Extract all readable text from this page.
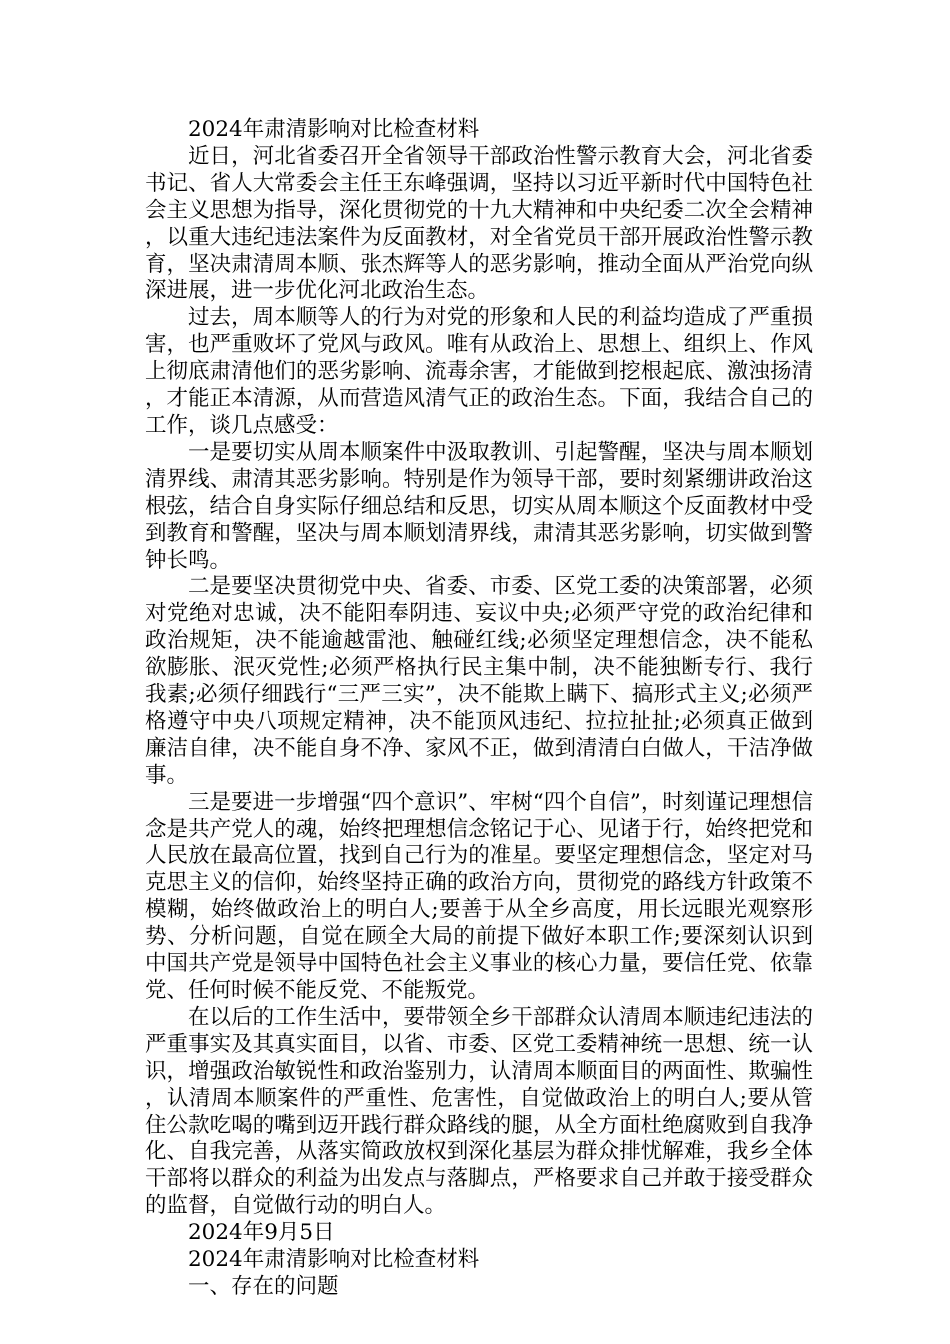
2024年肃清影响对比检查材料

近日，河北省委召开全省领导干部政治性警示教育大会，河北省委书记、省人大常委会主任王东峰强调，坚持以习近平新时代中国特色社会主义思想为指导，深化贯彻党的十九大精神和中央纪委二次全会精神，以重大违纪违法案件为反面教材，对全省党员干部开展政治性警示教育，坚决肃清周本顺、张杰辉等人的恶劣影响，推动全面从严治党向纵深进展，进一步优化河北政治生态。

过去，周本顺等人的行为对党的形象和人民的利益均造成了严重损害，也严重败坏了党风与政风。唯有从政治上、思想上、组织上、作风上彻底肃清他们的恶劣影响、流毒余害，才能做到挖根起底、激浊扬清，才能正本清源，从而营造风清气正的政治生态。下面，我结合自己的工作，谈几点感受：

一是要切实从周本顺案件中汲取教训、引起警醒，坚决与周本顺划清界线、肃清其恶劣影响。特别是作为领导干部，要时刻紧绷讲政治这根弦，结合自身实际仔细总结和反思，切实从周本顺这个反面教材中受到教育和警醒，坚决与周本顺划清界线，肃清其恶劣影响，切实做到警钟长鸣。

二是要坚决贯彻党中央、省委、市委、区党工委的决策部署，必须对党绝对忠诚，决不能阳奉阴违、妄议中央;必须严守党的政治纪律和政治规矩，决不能逾越雷池、触碰红线;必须坚定理想信念，决不能私欲膨胀、泯灭党性;必须严格执行民主集中制，决不能独断专行、我行我素;必须仔细践行“三严三实”，决不能欺上瞒下、搞形式主义;必须严格遵守中央八项规定精神，决不能顶风违纪、拉拉扯扯;必须真正做到廉洁自律，决不能自身不净、家风不正，做到清清白白做人，干洁净做事。

三是要进一步增强“四个意识”、牢树“四个自信”，时刻谨记理想信念是共产党人的魂，始终把理想信念铭记于心、见诸于行，始终把党和人民放在最高位置，找到自己行为的准星。要坚定理想信念，坚定对马克思主义的信仰，始终坚持正确的政治方向，贯彻党的路线方针政策不模糊，始终做政治上的明白人;要善于从全乡高度，用长远眼光观察形势、分析问题，自觉在顾全大局的前提下做好本职工作;要深刻认识到中国共产党是领导中国特色社会主义事业的核心力量，要信任党、依靠党、任何时候不能反党、不能叛党。

在以后的工作生活中，要带领全乡干部群众认清周本顺违纪违法的严重事实及其真实面目，以省、市委、区党工委精神统一思想、统一认识，增强政治敏锐性和政治鉴别力，认清周本顺面目的两面性、欺骗性，认清周本顺案件的严重性、危害性，自觉做政治上的明白人;要从管住公款吃喝的嘴到迈开践行群众路线的腿，从全方面杜绝腐败到自我净化、自我完善，从落实简政放权到深化基层为群众排忧解难，我乡全体干部将以群众的利益为出发点与落脚点，严格要求自己并敢于接受群众的监督，自觉做行动的明白人。

2024年9月5日

2024年肃清影响对比检查材料

一、存在的问题
